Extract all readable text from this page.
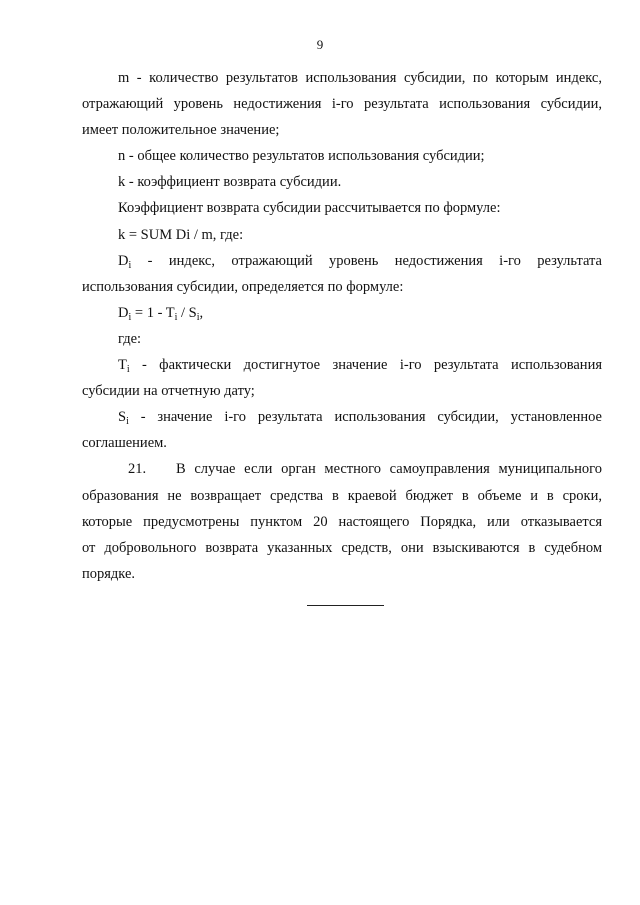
9
m - количество результатов использования субсидии, по которым индекс,
отражающий уровень недостижения i-го результата использования субсидии,
имеет положительное значение;
n - общее количество результатов использования субсидии;
k - коэффициент возврата субсидии.
Коэффициент возврата субсидии рассчитывается по формуле:
k = SUM Di / m, где:
$D_i$ - индекс, отражающий уровень недостижения i-го результата
использования субсидии, определяется по формуле:
$D_i = 1 - T_i / S_i$,
где:
$T_i$ - фактически достигнутое значение i-го результата использования
субсидии на отчетную дату;
$S_i$ - значение i-го результата использования субсидии, установленное
соглашением.
21. В случае если орган местного самоуправления муниципального
образования не возвращает средства в краевой бюджет в объеме и в сроки,
которые предусмотрены пунктом 20 настоящего Порядка, или отказывается
от добровольного возврата указанных средств, они взыскиваются в судебном
порядке.
